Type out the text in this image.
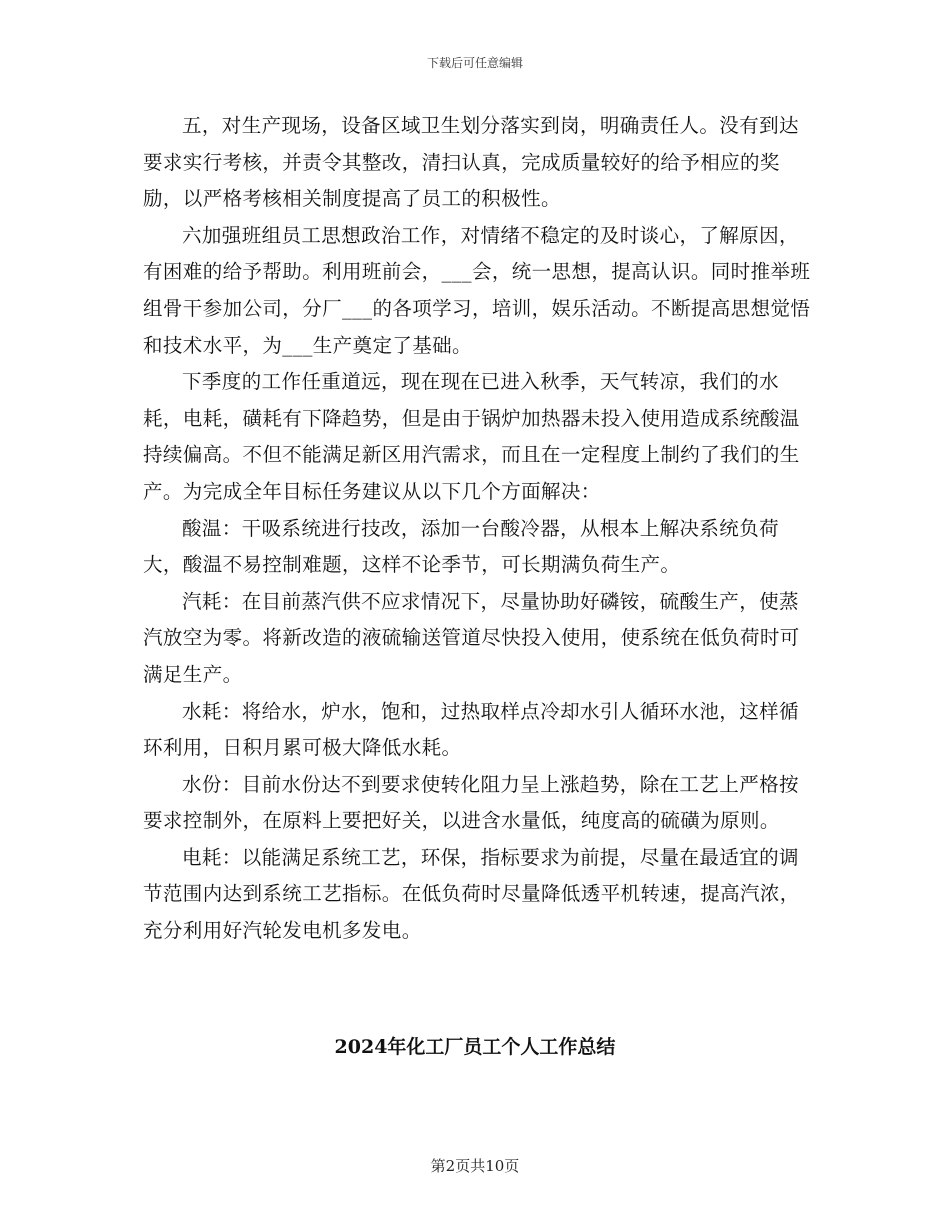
下载后可任意编辑

五，对生产现场，设备区域卫生划分落实到岗，明确责任人。没有到达要求实行考核，并责令其整改，清扫认真，完成质量较好的给予相应的奖励，以严格考核相关制度提高了员工的积极性。

六加强班组员工思想政治工作，对情绪不稳定的及时谈心，了解原因，有困难的给予帮助。利用班前会，___会，统一思想，提高认识。同时推举班组骨干参加公司，分厂___的各项学习，培训，娱乐活动。不断提高思想觉悟和技术水平，为___生产奠定了基础。

下季度的工作任重道远，现在现在已进入秋季，天气转凉，我们的水耗，电耗，磺耗有下降趋势，但是由于锅炉加热器未投入使用造成系统酸温持续偏高。不但不能满足新区用汽需求，而且在一定程度上制约了我们的生产。为完成全年目标任务建议从以下几个方面解决：

酸温：干吸系统进行技改，添加一台酸冷器，从根本上解决系统负荷大，酸温不易控制难题，这样不论季节，可长期满负荷生产。

汽耗：在目前蒸汽供不应求情况下，尽量协助好磷铵，硫酸生产，使蒸汽放空为零。将新改造的液硫输送管道尽快投入使用，使系统在低负荷时可满足生产。

水耗：将给水，炉水，饱和，过热取样点冷却水引人循环水池，这样循环利用，日积月累可极大降低水耗。

水份：目前水份达不到要求使转化阻力呈上涨趋势，除在工艺上严格按要求控制外，在原料上要把好关，以进含水量低，纯度高的硫磺为原则。

电耗：以能满足系统工艺，环保，指标要求为前提，尽量在最适宜的调节范围内达到系统工艺指标。在低负荷时尽量降低透平机转速，提高汽浓，充分利用好汽轮发电机多发电。

2024年化工厂员工个人工作总结
第2页共10页
